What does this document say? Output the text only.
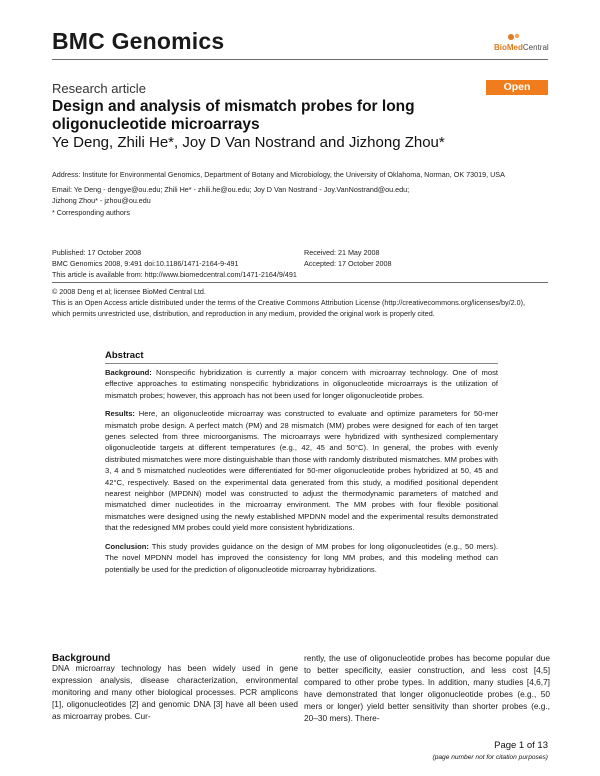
BMC Genomics	BioMedCentral
Research article	Open Access
Design and analysis of mismatch probes for long oligonucleotide microarrays
Ye Deng, Zhili He*, Joy D Van Nostrand and Jizhong Zhou*
Address: Institute for Environmental Genomics, Department of Botany and Microbiology, the University of Oklahoma, Norman, OK 73019, USA
Email: Ye Deng - dengye@ou.edu; Zhili He* - zhili.he@ou.edu; Joy D Van Nostrand - Joy.VanNostrand@ou.edu;
Jizhong Zhou* - jzhou@ou.edu
* Corresponding authors
Published: 17 October 2008	Received: 21 May 2008
BMC Genomics 2008, 9:491 doi:10.1186/1471-2164-9-491	Accepted: 17 October 2008
This article is available from: http://www.biomedcentral.com/1471-2164/9/491
© 2008 Deng et al; licensee BioMed Central Ltd.
This is an Open Access article distributed under the terms of the Creative Commons Attribution License (http://creativecommons.org/licenses/by/2.0),
which permits unrestricted use, distribution, and reproduction in any medium, provided the original work is properly cited.
Abstract

Background: Nonspecific hybridization is currently a major concern with microarray technology. One of most effective approaches to estimating nonspecific hybridizations in oligonucleotide microarrays is the utilization of mismatch probes; however, this approach has not been used for longer oligonucleotide probes.

Results: Here, an oligonucleotide microarray was constructed to evaluate and optimize parameters for 50-mer mismatch probe design. A perfect match (PM) and 28 mismatch (MM) probes were designed for each of ten target genes selected from three microorganisms. The microarrays were hybridized with synthesized complementary oligonucleotide targets at different temperatures (e.g., 42, 45 and 50°C). In general, the probes with evenly distributed mismatches were more distinguishable than those with randomly distributed mismatches. MM probes with 3, 4 and 5 mismatched nucleotides were differentiated for 50-mer oligonucleotide probes hybridized at 50, 45 and 42°C, respectively. Based on the experimental data generated from this study, a modified positional dependent nearest neighbor (MPDNN) model was constructed to adjust the thermodynamic parameters of matched and mismatched dimer nucleotides in the microarray environment. The MM probes with four flexible positional mismatches were designed using the newly established MPDNN model and the experimental results demonstrated that the redesigned MM probes could yield more consistent hybridizations.

Conclusion: This study provides guidance on the design of MM probes for long oligonucleotides (e.g., 50 mers). The novel MPDNN model has improved the consistency for long MM probes, and this modeling method can potentially be used for the prediction of oligonucleotide microarray hybridizations.

Background
DNA microarray technology has been widely used in gene expression analysis, disease characterization, environmental monitoring and many other biological processes. PCR amplicons [1], oligonucleotides [2] and genomic DNA [3] have all been used as microarray probes. Cur-
rently, the use of oligonucleotide probes has become popular due to better specificity, easier construction, and less cost [4,5] compared to other probe types. In addition, many studies [4,6,7] have demonstrated that longer oligonucleotide probes (e.g., 50 mers or longer) yield better sensitivity than shorter probes (e.g., 20–30 mers). There-
Page 1 of 13
(page number not for citation purposes)
